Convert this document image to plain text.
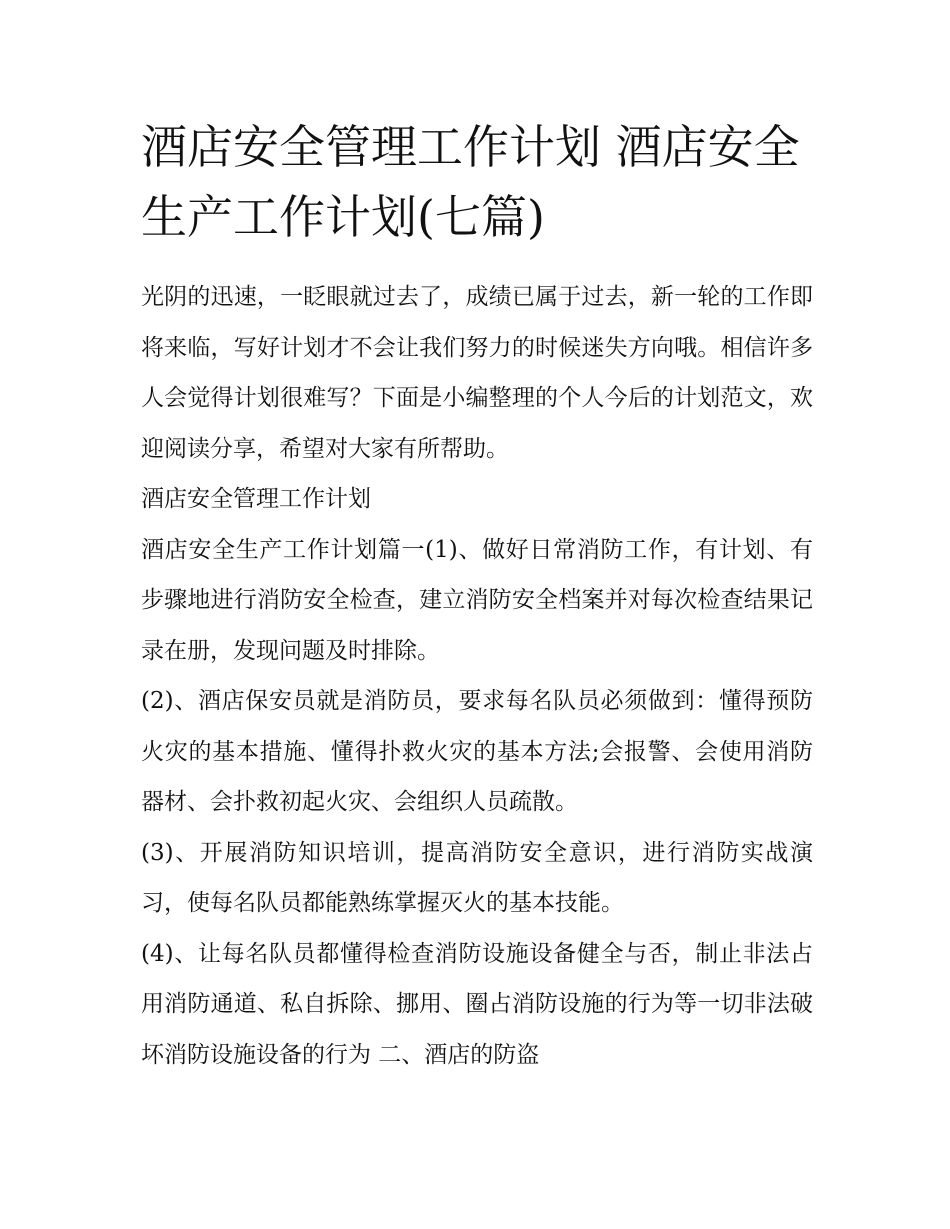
酒店安全管理工作计划 酒店安全生产工作计划(七篇)

光阴的迅速，一眨眼就过去了，成绩已属于过去，新一轮的工作即将来临，写好计划才不会让我们努力的时候迷失方向哦。相信许多人会觉得计划很难写？下面是小编整理的个人今后的计划范文，欢迎阅读分享，希望对大家有所帮助。

酒店安全管理工作计划

酒店安全生产工作计划篇一(1)、做好日常消防工作，有计划、有步骤地进行消防安全检查，建立消防安全档案并对每次检查结果记录在册，发现问题及时排除。

(2)、酒店保安员就是消防员，要求每名队员必须做到：懂得预防火灾的基本措施、懂得扑救火灾的基本方法;会报警、会使用消防器材、会扑救初起火灾、会组织人员疏散。

(3)、开展消防知识培训，提高消防安全意识，进行消防实战演习，使每名队员都能熟练掌握灭火的基本技能。

(4)、让每名队员都懂得检查消防设施设备健全与否，制止非法占用消防通道、私自拆除、挪用、圈占消防设施的行为等一切非法破坏消防设施设备的行为 二、酒店的防盗
